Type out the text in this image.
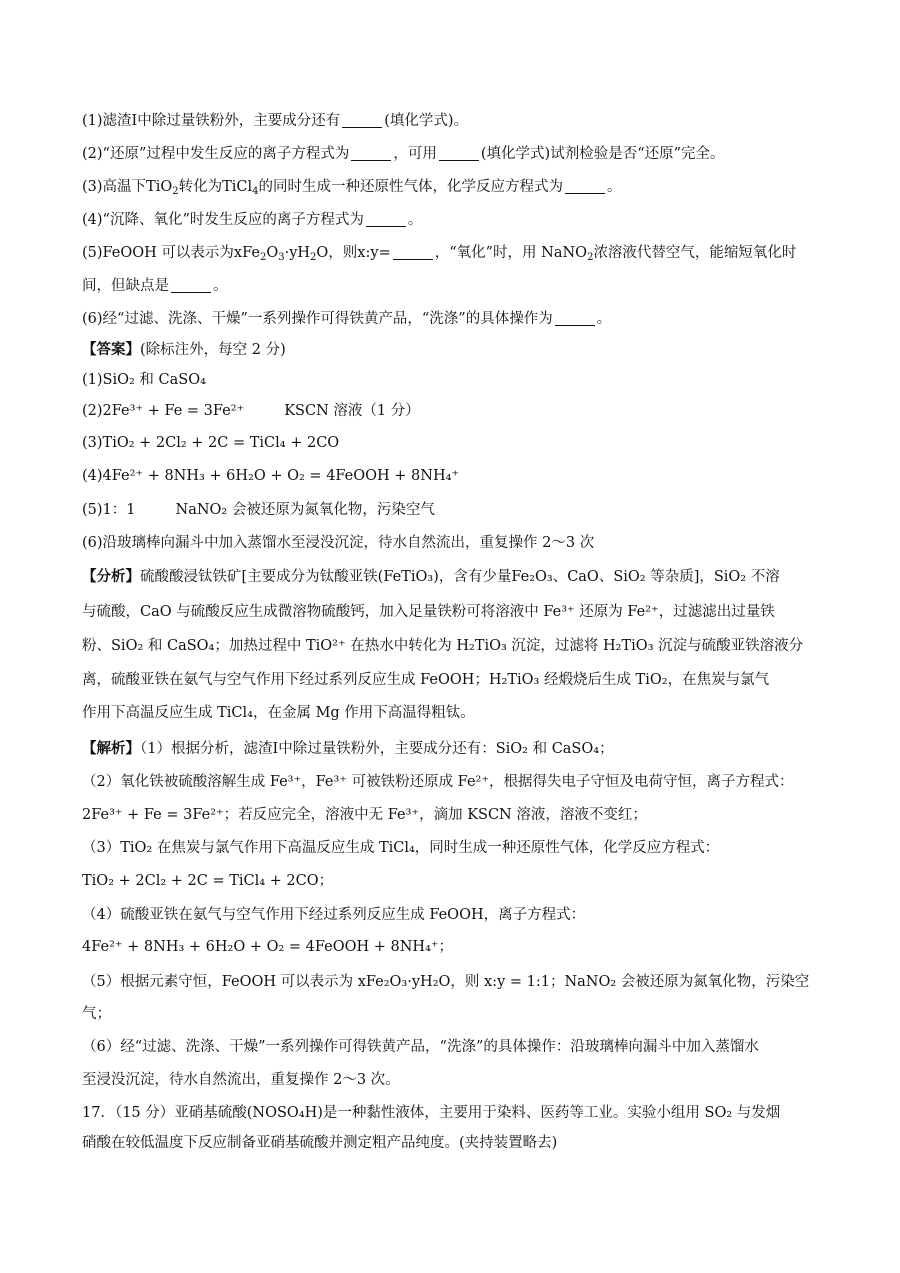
(1)滤渣Ⅰ中除过量铁粉外，主要成分还有	(填化学式)。
(2)“还原”过程中发生反应的离子方程式为	，可用	(填化学式)试剂检验是否“还原”完全。
(3)高温下TiO$_2$转化为TiCl$_4$的同时生成一种还原性气体，化学反应方程式为	。
(4)“沉降、氧化”时发生反应的离子方程式为	。
(5)FeOOH 可以表示为$xFe_2O_3\cdot yH_2O$，则x:y=	，“氧化”时，用 NaNO$_2$浓溶液代替空气，能缩短氧化时
间，但缺点是	。
(6)经“过滤、洗涤、干燥”一系列操作可得铁黄产品，“洗涤”的具体操作为	。
【答案】(除标注外，每空 2 分)
(1)SiO₂ 和 CaSO₄
(2)2Fe³⁺ + Fe = 3Fe²⁺	KSCN 溶液（1 分）
(3)TiO₂ + 2Cl₂ + 2C = TiCl₄ + 2CO
(4)4Fe²⁺ + 8NH₃ + 6H₂O + O₂ = 4FeOOH + 8NH₄⁺
(5)1：1	NaNO₂ 会被还原为氮氧化物，污染空气
(6)沿玻璃棒向漏斗中加入蒸馏水至浸没沉淀，待水自然流出，重复操作 2～3 次
【分析】硫酸酸浸钛铁矿[主要成分为钛酸亚铁(FeTiO₃)，含有少量Fe₂O₃、CaO、SiO₂ 等杂质]，SiO₂ 不溶
与硫酸，CaO 与硫酸反应生成微溶物硫酸钙，加入足量铁粉可将溶液中 Fe³⁺ 还原为 Fe²⁺，过滤滤出过量铁
粉、SiO₂ 和 CaSO₄；加热过程中 TiO²⁺ 在热水中转化为 H₂TiO₃ 沉淀，过滤将 H₂TiO₃ 沉淀与硫酸亚铁溶液分
离，硫酸亚铁在氨气与空气作用下经过系列反应生成 FeOOH；H₂TiO₃ 经煅烧后生成 TiO₂，在焦炭与氯气
作用下高温反应生成 TiCl₄，在金属 Mg 作用下高温得粗钛。
【解析】（1）根据分析，滤渣Ⅰ中除过量铁粉外，主要成分还有：SiO₂ 和 CaSO₄；
（2）氧化铁被硫酸溶解生成 Fe³⁺，Fe³⁺ 可被铁粉还原成 Fe²⁺，根据得失电子守恒及电荷守恒，离子方程式：
2Fe³⁺ + Fe = 3Fe²⁺；若反应完全，溶液中无 Fe³⁺，滴加 KSCN 溶液，溶液不变红；
（3）TiO₂ 在焦炭与氯气作用下高温反应生成 TiCl₄，同时生成一种还原性气体，化学反应方程式：
TiO₂ + 2Cl₂ + 2C = TiCl₄ + 2CO；
（4）硫酸亚铁在氨气与空气作用下经过系列反应生成 FeOOH，离子方程式：
4Fe²⁺ + 8NH₃ + 6H₂O + O₂ = 4FeOOH + 8NH₄⁺；
（5）根据元素守恒，FeOOH 可以表示为 xFe₂O₃·yH₂O，则 x:y = 1:1；NaNO₂ 会被还原为氮氧化物，污染空
气；
（6）经“过滤、洗涤、干燥”一系列操作可得铁黄产品，“洗涤”的具体操作：沿玻璃棒向漏斗中加入蒸馏水
至浸没沉淀，待水自然流出，重复操作 2～3 次。
17．（15 分）亚硝基硫酸(NOSO₄H)是一种黏性液体，主要用于染料、医药等工业。实验小组用 SO₂ 与发烟
硝酸在较低温度下反应制备亚硝基硫酸并测定粗产品纯度。(夹持装置略去)
